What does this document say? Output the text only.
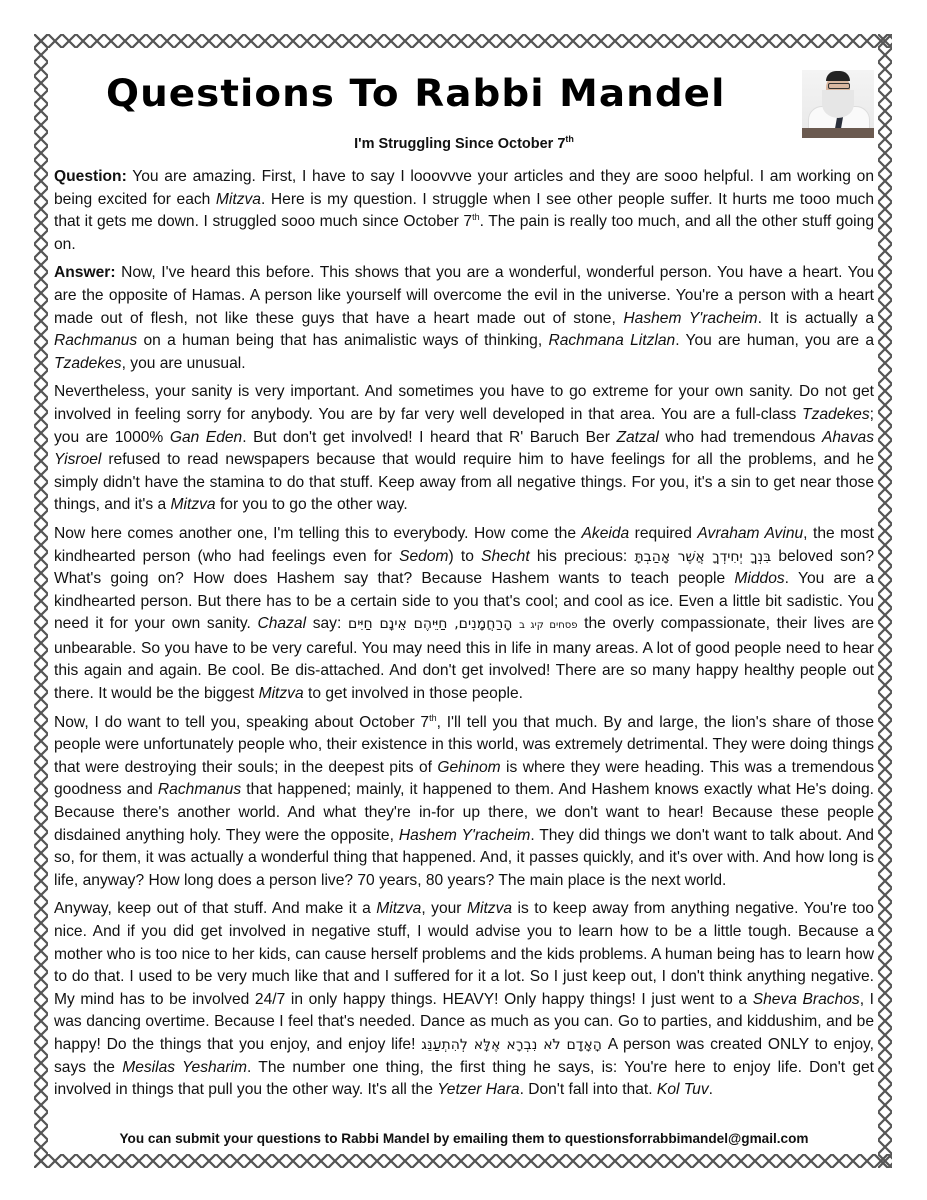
Questions To Rabbi Mandel
I'm Struggling Since October 7th

Question: You are amazing. First, I have to say I looovvve your articles and they are sooo helpful. I am working on being excited for each Mitzva. Here is my question. I struggle when I see other people suffer. It hurts me tooo much that it gets me down. I struggled sooo much since October 7th. The pain is really too much, and all the other stuff going on.

Answer: Now, I've heard this before. This shows that you are a wonderful, wonderful person. You have a heart. You are the opposite of Hamas. A person like yourself will overcome the evil in the universe. You're a person with a heart made out of flesh, not like these guys that have a heart made out of stone, Hashem Y'racheim. It is actually a Rachmanus on a human being that has animalistic ways of thinking, Rachmana Litzlan. You are human, you are a Tzadekes, you are unusual.

Nevertheless, your sanity is very important. And sometimes you have to go extreme for your own sanity. Do not get involved in feeling sorry for anybody. You are by far very well developed in that area. You are a full-class Tzadekes; you are 1000% Gan Eden. But don't get involved! I heard that R' Baruch Ber Zatzal who had tremendous Ahavas Yisroel refused to read newspapers because that would require him to have feelings for all the problems, and he simply didn't have the stamina to do that stuff. Keep away from all negative things. For you, it's a sin to get near those things, and it's a Mitzva for you to go the other way.

Now here comes another one, I'm telling this to everybody. How come the Akeida required Avraham Avinu, the most kindhearted person (who had feelings even for Sedom) to Shecht his precious: בִּנְךָ יְחִידְךָ אֲשֶׁר אָהַבְתָּ beloved son? What's going on? How does Hashem say that? Because Hashem wants to teach people Middos. You are a kindhearted person. But there has to be a certain side to you that's cool; and cool as ice. Even a little bit sadistic. You need it for your own sanity. Chazal say:	פסחים קיג ב הָרַחֲמָנִים, חַיֵּיהֶם אֵינָם חַיִּים	the overly compassionate, their lives are unbearable. So you have to be very careful. You may need this in life in many areas. A lot of good people need to hear this again and again. Be cool. Be dis-attached. And don't get involved! There are so many happy healthy people out there. It would be the biggest Mitzva to get involved in those people.

Now, I do want to tell you, speaking about October 7th, I'll tell you that much. By and large, the lion's share of those people were unfortunately people who, their existence in this world, was extremely detrimental. They were doing things that were destroying their souls; in the deepest pits of Gehinom is where they were heading. This was a tremendous goodness and Rachmanus that happened; mainly, it happened to them. And Hashem knows exactly what He's doing. Because there's another world. And what they're in-for up there, we don't want to hear! Because these people disdained anything holy. They were the opposite, Hashem Y'racheim. They did things we don't want to talk about. And so, for them, it was actually a wonderful thing that happened. And, it passes quickly, and it's over with. And how long is life, anyway? How long does a person live? 70 years, 80 years? The main place is the next world.

Anyway, keep out of that stuff. And make it a Mitzva, your Mitzva is to keep away from anything negative. You're too nice. And if you did get involved in negative stuff, I would advise you to learn how to be a little tough. Because a mother who is too nice to her kids, can cause herself problems and the kids problems. A human being has to learn how to do that. I used to be very much like that and I suffered for it a lot. So I just keep out, I don't think anything negative. My mind has to be involved 24/7 in only happy things. HEAVY! Only happy things! I just went to a Sheva Brachos, I was dancing overtime. Because I feel that's needed. Dance as much as you can. Go to parties, and kiddushim, and be happy! Do the things that you enjoy, and enjoy life! הָאָדָם לֹא נִבְרָא אֶלָּא לְהִתְעַנֵּג A person was created ONLY to enjoy, says the Mesilas Yesharim. The number one thing, the first thing he says, is: You're here to enjoy life. Don't get involved in things that pull you the other way. It's all the Yetzer Hara. Don't fall into that. Kol Tuv.

You can submit your questions to Rabbi Mandel by emailing them to questionsforrabbimandel@gmail.com
